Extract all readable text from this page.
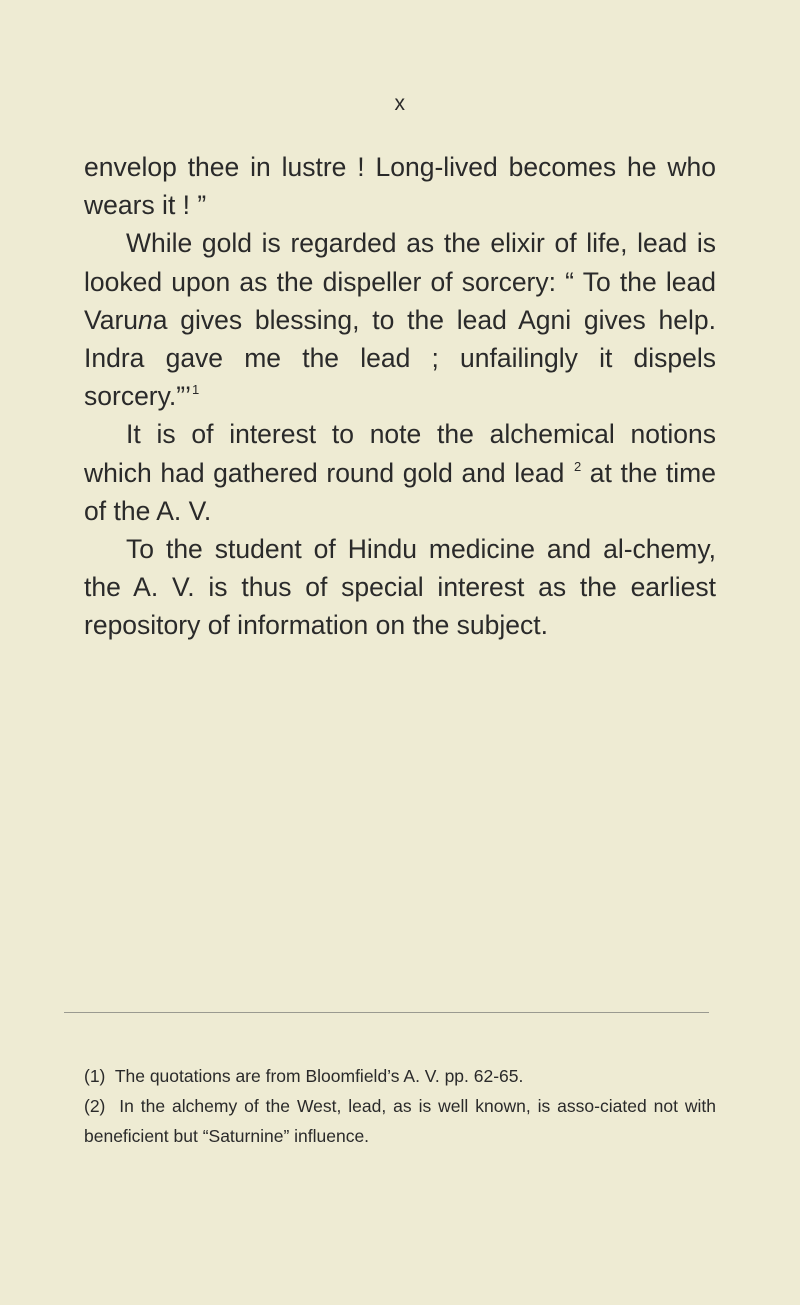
x

envelop thee in lustre ! Long-lived becomes he who wears it ! ”

While gold is regarded as the elixir of life, lead is looked upon as the dispeller of sorcery: “ To the lead Varuna gives blessing, to the lead Agni gives help. Indra gave me the lead ; unfailingly it dispels sorcery.”’$^1$

It is of interest to note the alchemical notions which had gathered round gold and lead $^2$ at the time of the A. V.

To the student of Hindu medicine and al-chemy, the A. V. is thus of special interest as the earliest repository of information on the subject.

(1) The quotations are from Bloomfield’s A. V. pp. 62-65.

(2) In the alchemy of the West, lead, as is well known, is asso-ciated not with beneficient but “Saturnine” influence.
